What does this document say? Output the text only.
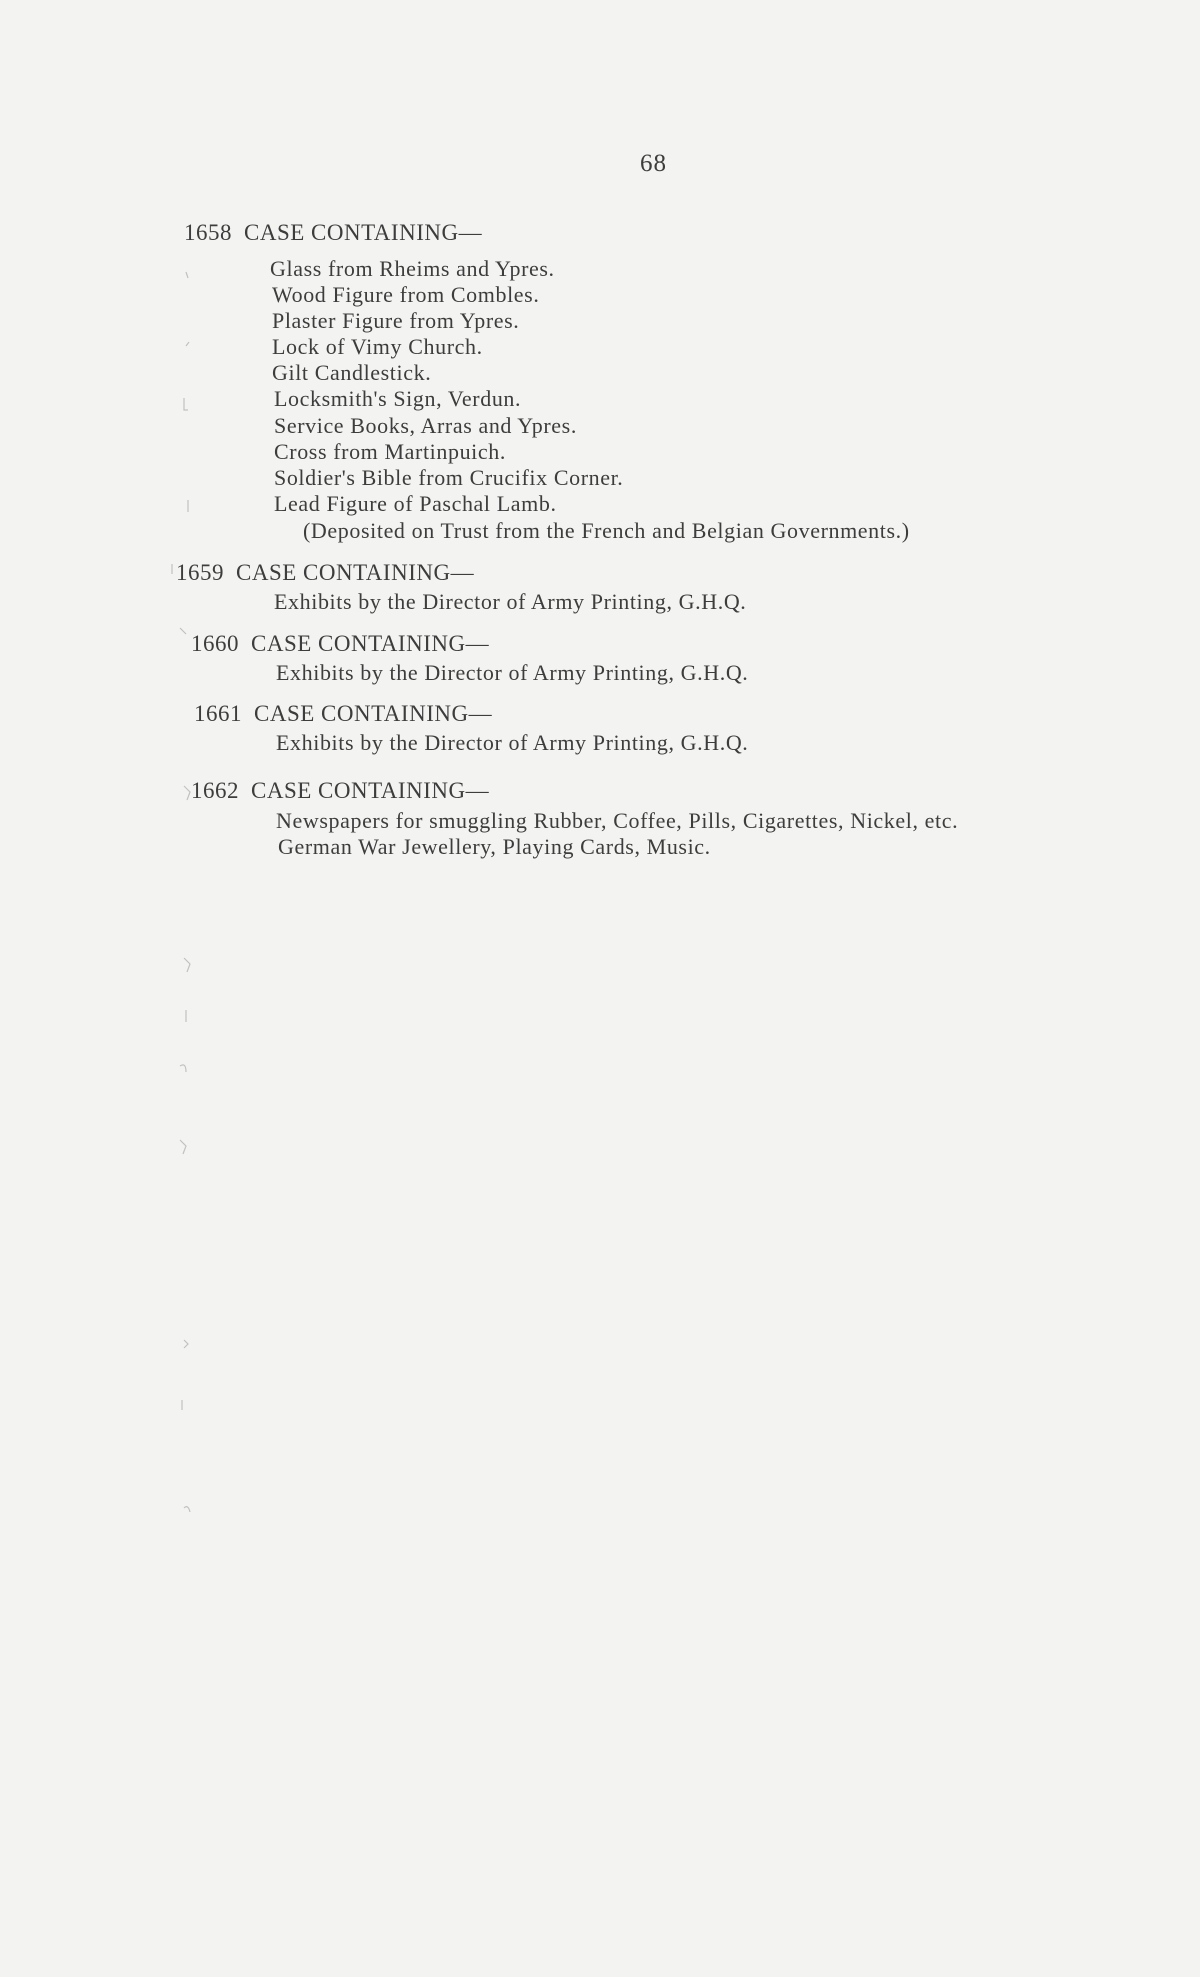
68
1658 CASE CONTAINING—
Glass from Rheims and Ypres.
Wood Figure from Combles.
Plaster Figure from Ypres.
Lock of Vimy Church.
Gilt Candlestick.
Locksmith's Sign, Verdun.
Service Books, Arras and Ypres.
Cross from Martinpuich.
Soldier's Bible from Crucifix Corner.
Lead Figure of Paschal Lamb.
(Deposited on Trust from the French and Belgian Governments.)
1659 CASE CONTAINING—
Exhibits by the Director of Army Printing, G.H.Q.
1660 CASE CONTAINING—
Exhibits by the Director of Army Printing, G.H.Q.
1661 CASE CONTAINING—
Exhibits by the Director of Army Printing, G.H.Q.
1662 CASE CONTAINING—
Newspapers for smuggling Rubber, Coffee, Pills, Cigarettes, Nickel, etc.
German War Jewellery, Playing Cards, Music.
